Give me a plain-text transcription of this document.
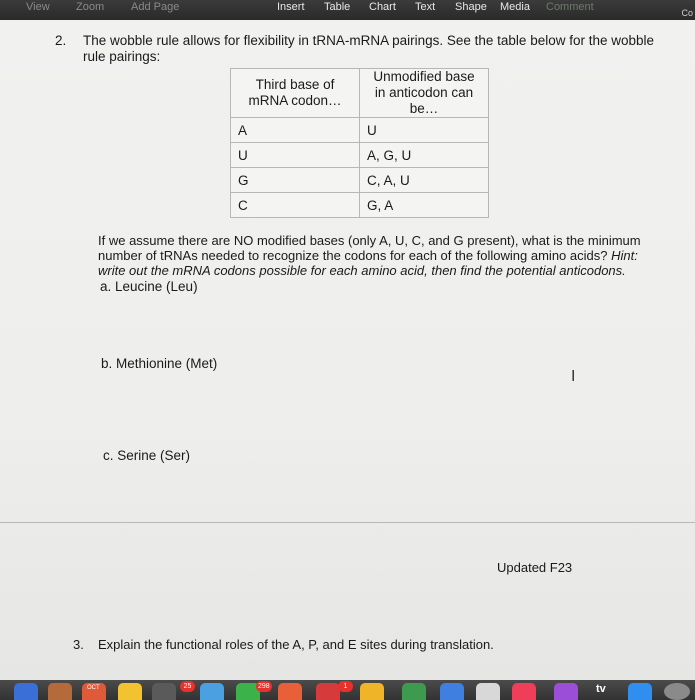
View Zoom Add Page	Insert Table Chart Text Shape Media Comment	Co
2. The wobble rule allows for flexibility in tRNA-mRNA pairings. See the table below for the wobble
rule pairings:
Third base of mRNA codon…	Unmodified base in anticodon can be…
A	U
U	A, G, U
G	C, A, U
C	G, A
If we assume there are NO modified bases (only A, U, C, and G present), what is the minimum number of tRNAs needed to recognize the codons for each of the following amino acids? Hint: write out the mRNA codons possible for each amino acid, then find the potential anticodons.
a. Leucine (Leu)
b. Methionine (Met)
I
c. Serine (Ser)
Updated F23
3. Explain the functional roles of the A, P, and E sites during translation.
OCT	25	298	1	tv
